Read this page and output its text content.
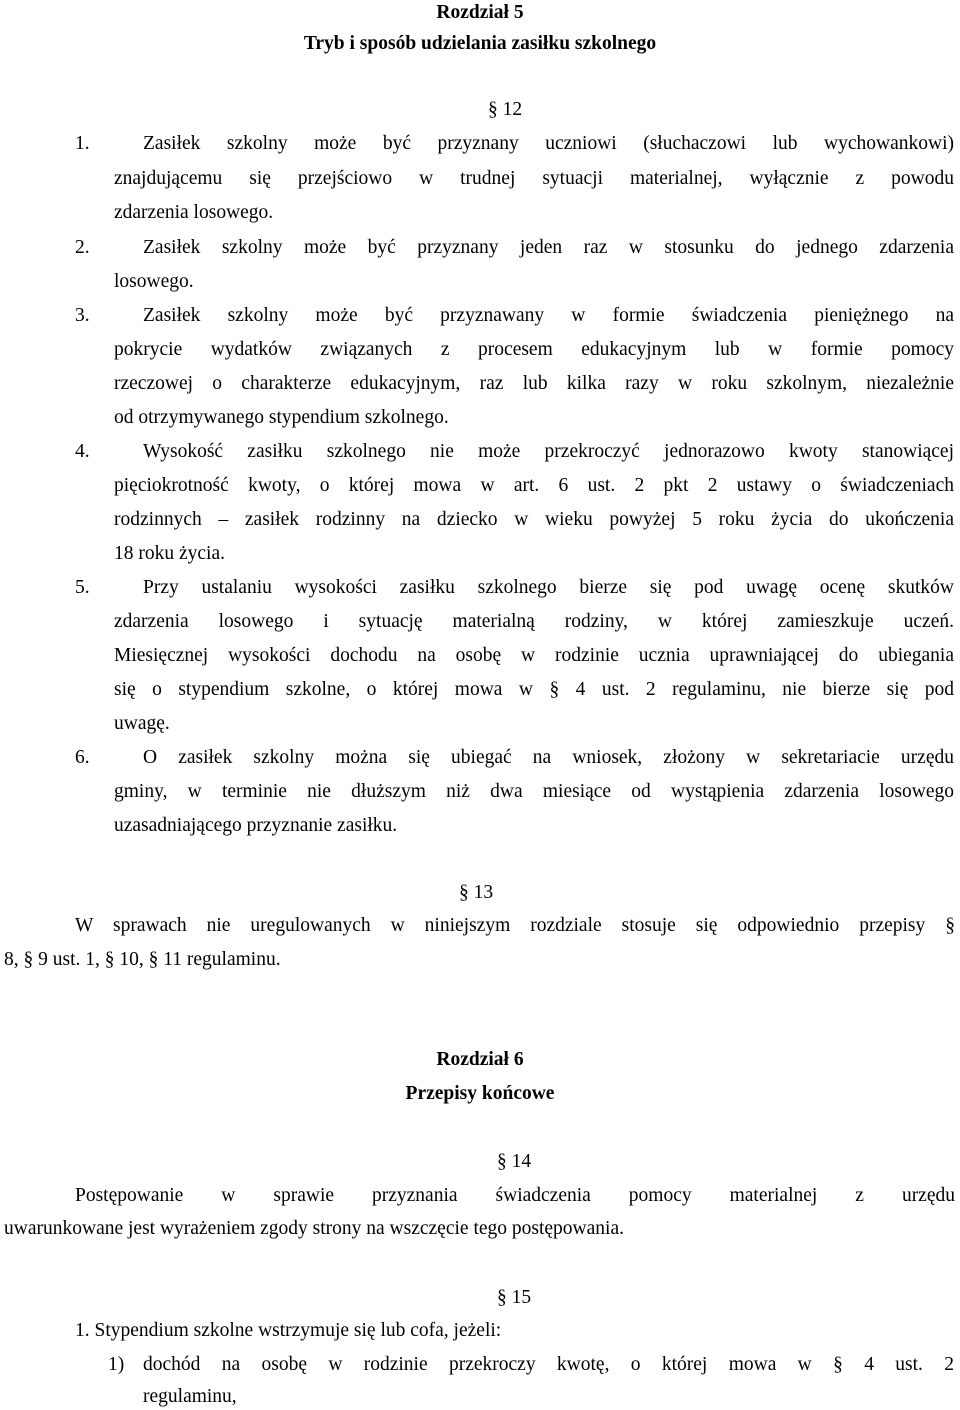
Rozdział 5
Tryb i sposób udzielania zasiłku szkolnego
§ 12
1.	Zasiłek szkolny może być przyznany uczniowi (słuchaczowi lub wychowankowi)
znajdującemu się przejściowo w trudnej sytuacji materialnej, wyłącznie z powodu
zdarzenia losowego.
2.	Zasiłek szkolny może być przyznany jeden raz w stosunku do jednego zdarzenia
losowego.
3.	Zasiłek szkolny może być przyznawany w formie świadczenia pieniężnego na
pokrycie wydatków związanych z procesem edukacyjnym lub w formie pomocy
rzeczowej o charakterze edukacyjnym, raz lub kilka razy w roku szkolnym, niezależnie
od otrzymywanego stypendium szkolnego.
4.	Wysokość zasiłku szkolnego nie może przekroczyć jednorazowo kwoty stanowiącej
pięciokrotność kwoty, o której mowa w art. 6 ust. 2 pkt 2 ustawy o świadczeniach
rodzinnych – zasiłek rodzinny na dziecko w wieku powyżej 5 roku życia do ukończenia
18 roku życia.
5.	Przy ustalaniu wysokości zasiłku szkolnego bierze się pod uwagę ocenę skutków
zdarzenia losowego i sytuację materialną rodziny, w której zamieszkuje uczeń.
Miesięcznej wysokości dochodu na osobę w rodzinie ucznia uprawniającej do ubiegania
się o stypendium szkolne, o której mowa w § 4 ust. 2 regulaminu, nie bierze się pod
uwagę.
6.	O zasiłek szkolny można się ubiegać na wniosek, złożony w sekretariacie urzędu
gminy, w terminie nie dłuższym niż dwa miesiące od wystąpienia zdarzenia losowego
uzasadniającego przyznanie zasiłku.
§ 13
W sprawach nie uregulowanych w niniejszym rozdziale stosuje się odpowiednio przepisy §
8, § 9 ust. 1, § 10, § 11 regulaminu.
Rozdział 6
Przepisy końcowe
§ 14
Postępowanie w sprawie przyznania świadczenia pomocy materialnej z urzędu
uwarunkowane jest wyrażeniem zgody strony na wszczęcie tego postępowania.
§ 15
1. Stypendium szkolne wstrzymuje się lub cofa, jeżeli:
1) dochód na osobę w rodzinie przekroczy kwotę, o której mowa w § 4 ust. 2
regulaminu,
